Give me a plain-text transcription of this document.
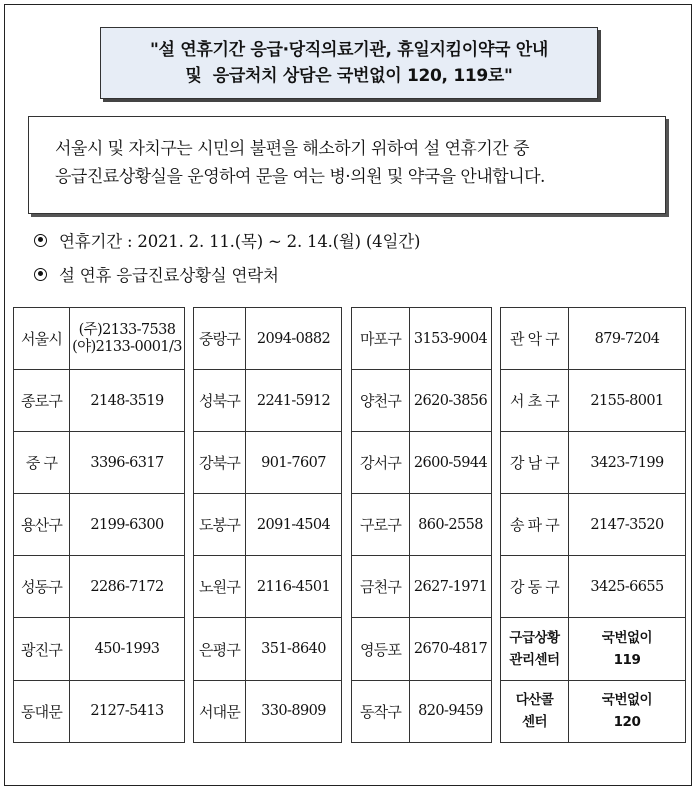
"설 연휴기간 응급·당직의료기관, 휴일지킴이약국 안내
및  응급처치 상담은 국번없이 120, 119로"

서울시 및 자치구는 시민의 불편을 해소하기 위하여 설 연휴기간 중

응급진료상황실을 운영하여 문을 여는 병·의원 및 약국을 안내합니다.

연휴기간 : 2021. 2. 11.(목) ~ 2. 14.(월) (4일간)
설 연휴 응급진료상황실 연락처
서울시	(주)2133-7538
(야)2133-0001/3

종로구	2148-3519
중 구	3396-6317
용산구	2199-6300
성동구	2286-7172
광진구	450-1993
동대문	2127-5413
중랑구	2094-0882
성북구	2241-5912
강북구	901-7607
도봉구	2091-4504
노원구	2116-4501
은평구	351-8640
서대문	330-8909
마포구	3153-9004
양천구	2620-3856
강서구	2600-5944
구로구	860-2558
금천구	2627-1971
영등포	2670-4817
동작구	820-9459
관 악 구	879-7204
서 초 구	2155-8001
강 남 구	3423-7199
송 파 구	2147-3520
강 동 구	3425-6655

구급상황
관리센터	국번없이
119

다산콜
센터	국번없이
120
